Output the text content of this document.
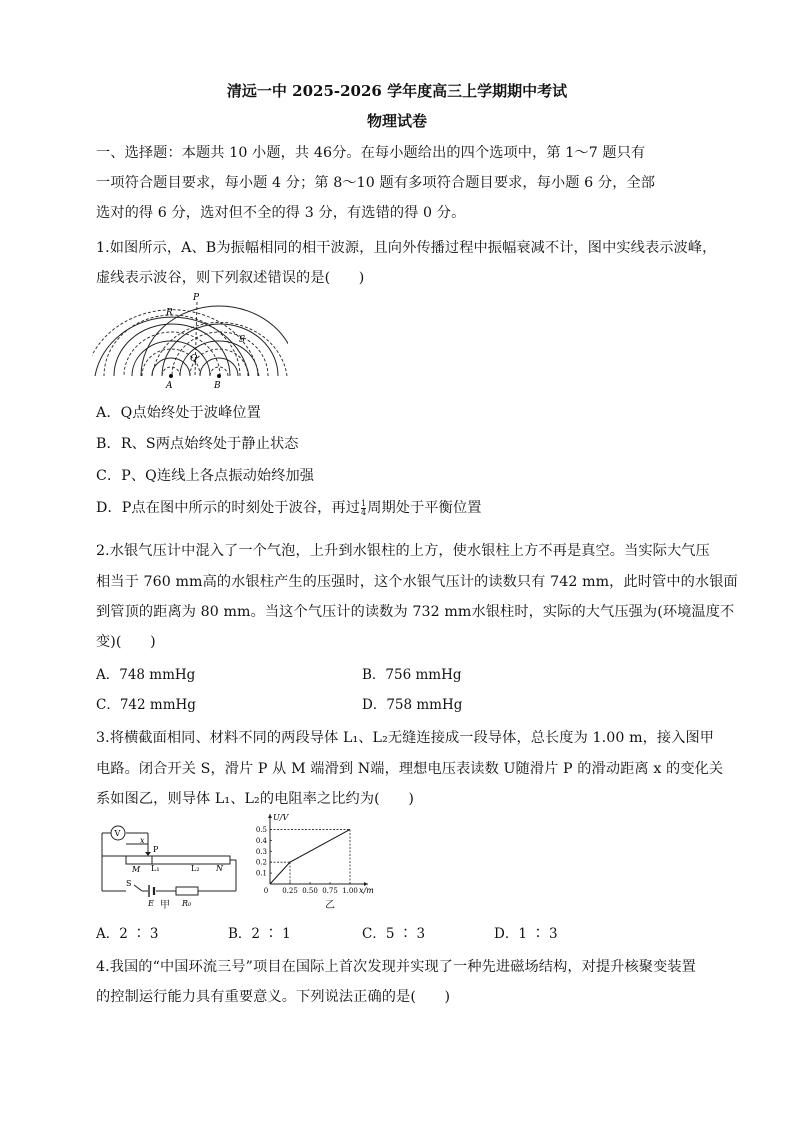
清远一中 2025-2026 学年度高三上学期期中考试
物理试卷
一、选择题：本题共 10 小题，共 46分。在每小题给出的四个选项中，第 1～7 题只有
一项符合题目要求，每小题 4 分；第 8～10 题有多项符合题目要求，每小题 6 分，全部
选对的得 6 分，选对但不全的得 3 分，有选错的得 0 分。
1.如图所示，A、B为振幅相同的相干波源，且向外传播过程中振幅衰减不计，图中实线表示波峰，
虚线表示波谷，则下列叙述错误的是(　　)
A	B
P
R
S
Q
A．Q点始终处于波峰位置
B．R、S两点始终处于静止状态
C．P、Q连线上各点振动始终加强
D．P点在图中所示的时刻处于波谷，再过 $\frac{1}{4}$ 周期处于平衡位置
2.水银气压计中混入了一个气泡，上升到水银柱的上方，使水银柱上方不再是真空。当实际大气压
相当于 760 mm高的水银柱产生的压强时，这个水银气压计的读数只有 742 mm，此时管中的水银面
到管顶的距离为 80 mm。当这个气压计的读数为 732 mm水银柱时，实际的大气压强为(环境温度不
变)(　　)
A．748 mmHg	B．756 mmHg
C．742 mmHg	D．758 mmHg
3.将横截面相同、材料不同的两段导体 L₁、L₂无缝连接成一段导体，总长度为 1.00 m，接入图甲
电路。闭合开关 S，滑片 P 从 M 端滑到 N端，理想电压表读数 U随滑片 P 的滑动距离 x 的变化关
系如图乙，则导体 L₁、L₂的电阻率之比约为(　　)
V
x
P
M L₁	L₂ N
S
E	R₀
甲
0.1
0.2
0.3
0.4
0.5
0 0.25 0.50 0.75 1.00
U/V
x/m
乙
A．2 ∶ 3	B．2 ∶ 1	C．5 ∶ 3	D．1 ∶ 3
4.我国的“中国环流三号”项目在国际上首次发现并实现了一种先进磁场结构，对提升核聚变装置
的控制运行能力具有重要意义。下列说法正确的是(　　)
